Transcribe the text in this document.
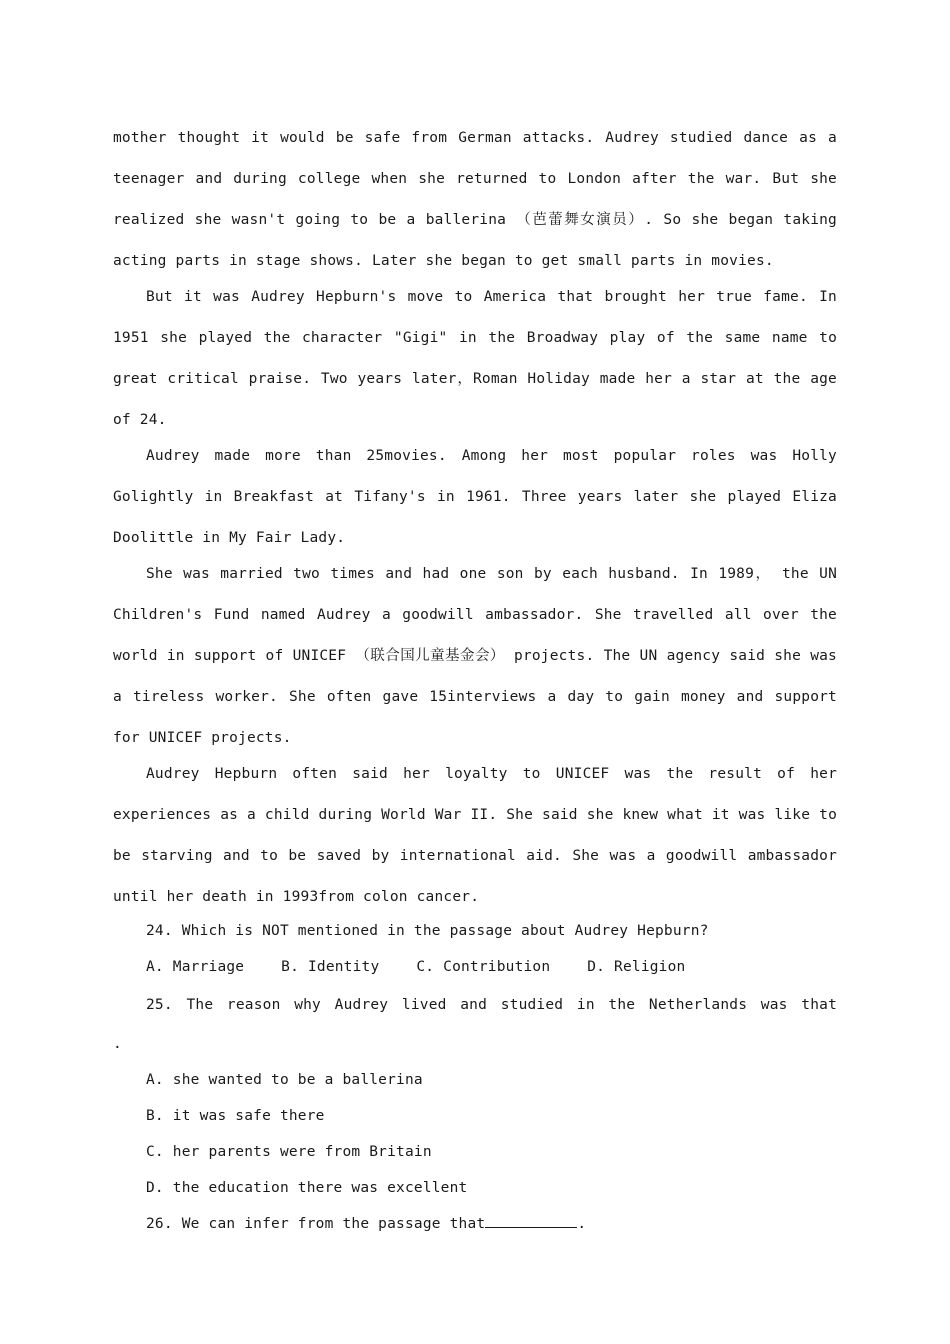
mother thought it would be safe from German attacks. Audrey studied dance as a teenager and during college when she returned to London after the war. But she realized she wasn't going to be a ballerina （芭蕾舞女演员）. So she began taking acting parts in stage shows. Later she began to get small parts in movies.

But it was Audrey Hepburn's move to America that brought her true fame. In 1951 she played the character "Gigi" in the Broadway play of the same name to great critical praise. Two years later，Roman Holiday made her a star at the age of 24.

Audrey made more than 25movies. Among her most popular roles was Holly Golightly in Breakfast at Tifany's in 1961. Three years later she played Eliza Doolittle in My Fair Lady.

She was married two times and had one son by each husband. In 1989， the UN Children's Fund named Audrey a goodwill ambassador. She travelled all over the world in support of UNICEF （联合国儿童基金会） projects. The UN agency said she was a tireless worker. She often gave 15interviews a day to gain money and support for UNICEF projects.

Audrey Hepburn often said her loyalty to UNICEF was the result of her experiences as a child during World War II. She said she knew what it was like to be starving and to be saved by international aid. She was a goodwill ambassador until her death in 1993from colon cancer.

24. Which is NOT mentioned in the passage about Audrey Hepburn?

A. Marriage	B. Identity	C. Contribution	D. Religion

25. The reason why Audrey lived and studied in the Netherlands was that

.

A. she wanted to be a ballerina

B. it was safe there

C. her parents were from Britain

D. the education there was excellent

26. We can infer from the passage that	.
